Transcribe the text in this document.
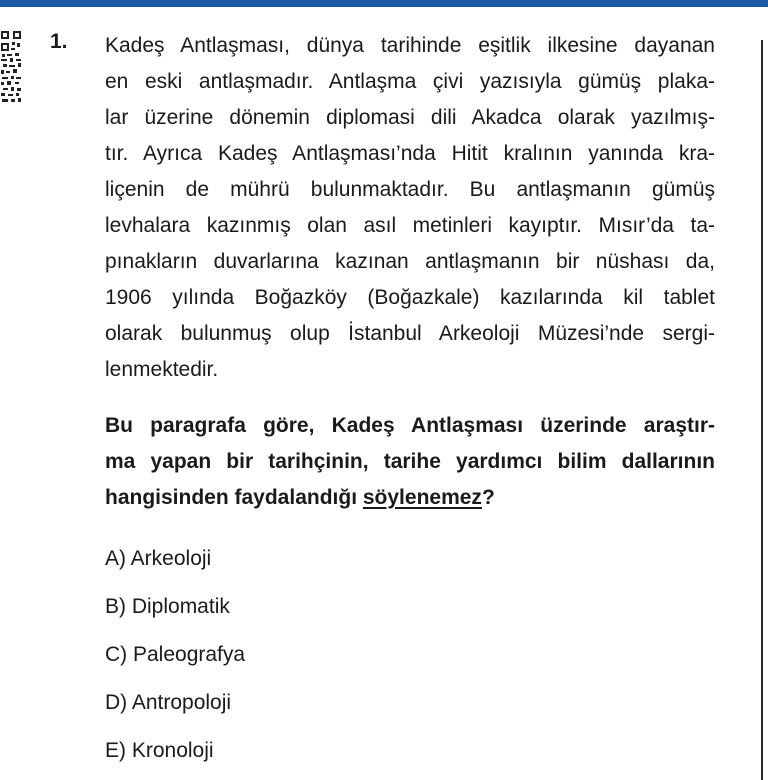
1. Kadeş Antlaşması, dünya tarihinde eşitlik ilkesine dayanan
en eski antlaşmadır. Antlaşma çivi yazısıyla gümüş plaka-
lar üzerine dönemin diplomasi dili Akadca olarak yazılmış-
tır. Ayrıca Kadeş Antlaşması’nda Hitit kralının yanında kra-
liçenin de mührü bulunmaktadır. Bu antlaşmanın gümüş
levhalara kazınmış olan asıl metinleri kayıptır. Mısır’da ta-
pınakların duvarlarına kazınan antlaşmanın bir nüshası da,
1906 yılında Boğazköy (Boğazkale) kazılarında kil tablet
olarak bulunmuş olup İstanbul Arkeoloji Müzesi’nde sergi-
lenmektedir.
Bu paragrafa göre, Kadeş Antlaşması üzerinde araştır-
ma yapan bir tarihçinin, tarihe yardımcı bilim dallarının
hangisinden faydalandığı söylenemez?
A) Arkeoloji
B) Diplomatik
C) Paleografya
D) Antropoloji
E) Kronoloji
